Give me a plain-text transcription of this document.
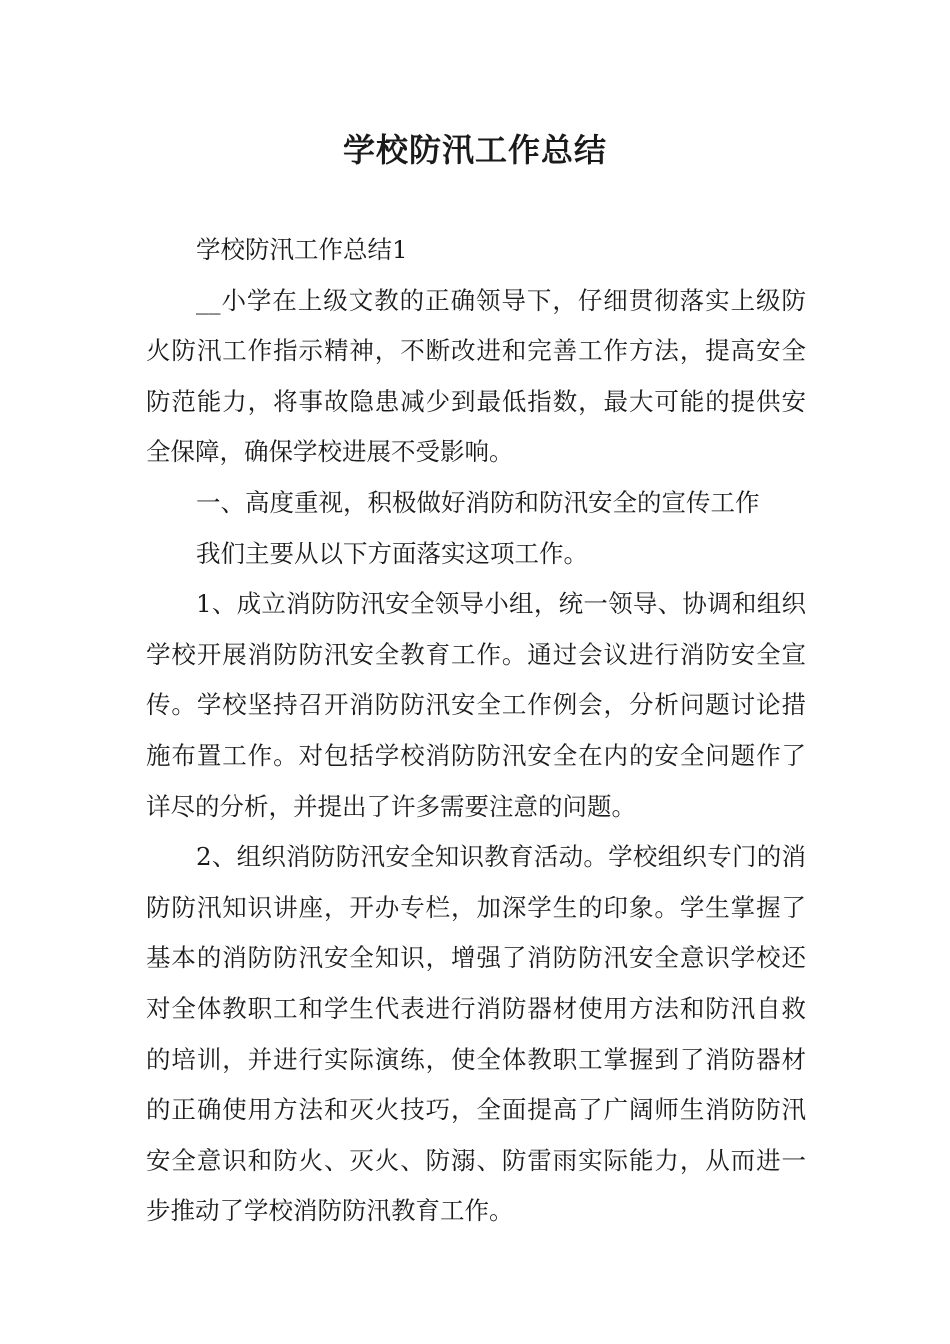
学校防汛工作总结

学校防汛工作总结1

__小学在上级文教的正确领导下，仔细贯彻落实上级防火防汛工作指示精神，不断改进和完善工作方法，提高安全防范能力，将事故隐患减少到最低指数，最大可能的提供安全保障，确保学校进展不受影响。

一、高度重视，积极做好消防和防汛安全的宣传工作

我们主要从以下方面落实这项工作。

1、成立消防防汛安全领导小组，统一领导、协调和组织学校开展消防防汛安全教育工作。通过会议进行消防安全宣传。学校坚持召开消防防汛安全工作例会，分析问题讨论措施布置工作。对包括学校消防防汛安全在内的安全问题作了详尽的分析，并提出了许多需要注意的问题。

2、组织消防防汛安全知识教育活动。学校组织专门的消防防汛知识讲座，开办专栏，加深学生的印象。学生掌握了基本的消防防汛安全知识，增强了消防防汛安全意识学校还对全体教职工和学生代表进行消防器材使用方法和防汛自救的培训，并进行实际演练，使全体教职工掌握到了消防器材的正确使用方法和灭火技巧，全面提高了广阔师生消防防汛安全意识和防火、灭火、防溺、防雷雨实际能力，从而进一步推动了学校消防防汛教育工作。
